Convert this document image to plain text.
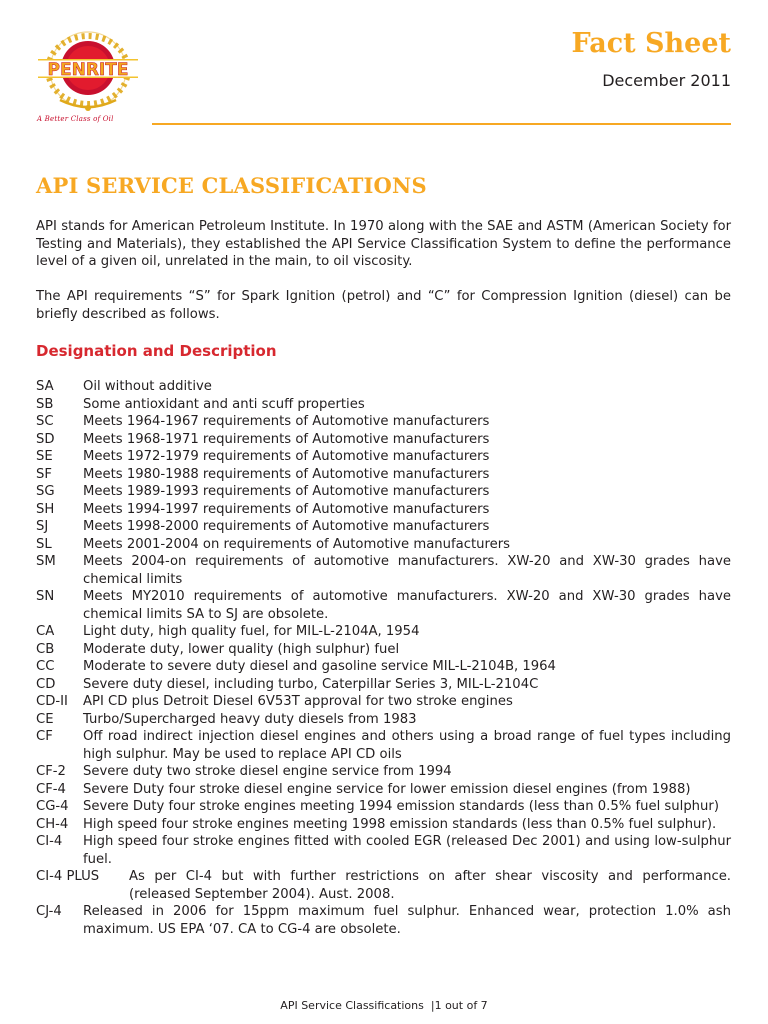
PENRITE
A Better Class of Oil
Fact Sheet
December 2011
API SERVICE CLASSIFICATIONS

API stands for American Petroleum Institute. In 1970 along with the SAE and ASTM (American Society for Testing and Materials), they established the API Service Classification System to define the performance level of a given oil, unrelated in the main, to oil viscosity.

The API requirements “S” for Spark Ignition (petrol) and “C” for Compression Ignition (diesel) can be briefly described as follows.

Designation and Description
SA	Oil without additive
SB	Some antioxidant and anti scuff properties
SC	Meets 1964-1967 requirements of Automotive manufacturers
SD	Meets 1968-1971 requirements of Automotive manufacturers
SE	Meets 1972-1979 requirements of Automotive manufacturers
SF	Meets 1980-1988 requirements of Automotive manufacturers
SG	Meets 1989-1993 requirements of Automotive manufacturers
SH	Meets 1994-1997 requirements of Automotive manufacturers
SJ	Meets 1998-2000 requirements of Automotive manufacturers
SL	Meets 2001-2004 on requirements of Automotive manufacturers
SM	Meets 2004-on requirements of automotive manufacturers. XW-20 and XW-30 grades have chemical limits
SN	Meets MY2010 requirements of automotive manufacturers. XW-20 and XW-30 grades have chemical limits SA to SJ are obsolete.
CA	Light duty, high quality fuel, for MIL-L-2104A, 1954
CB	Moderate duty, lower quality (high sulphur) fuel
CC	Moderate to severe duty diesel and gasoline service MIL-L-2104B, 1964
CD	Severe duty diesel, including turbo, Caterpillar Series 3, MIL-L-2104C
CD-II	API CD plus Detroit Diesel 6V53T approval for two stroke engines
CE	Turbo/Supercharged heavy duty diesels from 1983
CF	Off road indirect injection diesel engines and others using a broad range of fuel types including high sulphur. May be used to replace API CD oils
CF-2	Severe duty two stroke diesel engine service from 1994
CF-4	Severe Duty four stroke diesel engine service for lower emission diesel engines (from 1988)
CG-4	Severe Duty four stroke engines meeting 1994 emission standards (less than 0.5% fuel sulphur)
CH-4	High speed four stroke engines meeting 1998 emission standards (less than 0.5% fuel sulphur).
CI-4	High speed four stroke engines fitted with cooled EGR (released Dec 2001) and using low-sulphur fuel.
CI-4 PLUS	As per CI-4 but with further restrictions on after shear viscosity and performance. (released September 2004). Aust. 2008.
CJ-4	Released in 2006 for 15ppm maximum fuel sulphur. Enhanced wear, protection 1.0% ash maximum. US EPA ‘07. CA to CG-4 are obsolete.
API Service Classifications  |1 out of 7
